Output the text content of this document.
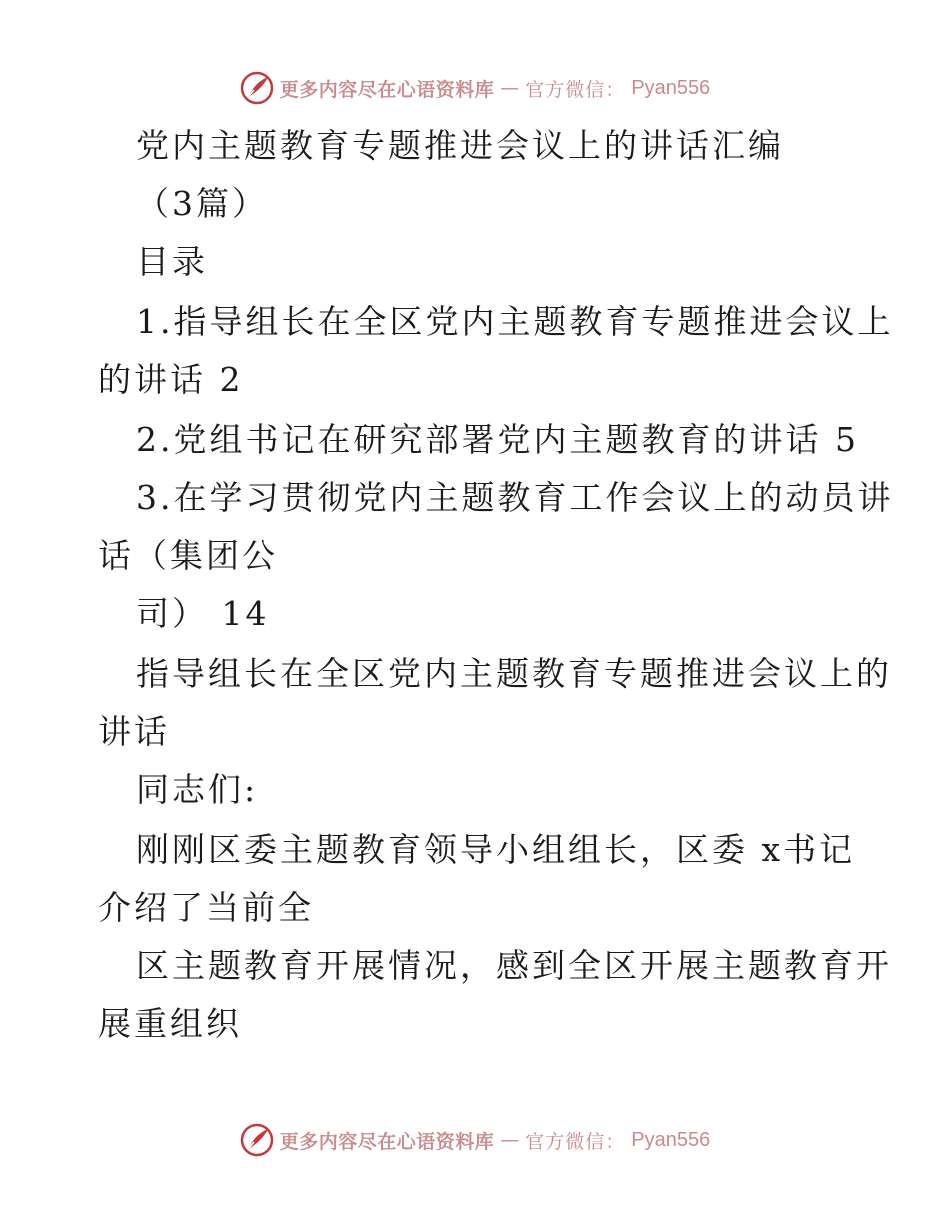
更多内容尽在心语资料库 — 官方微信： Pyan556
党内主题教育专题推进会议上的讲话汇编
（3篇）
目录
1.指导组长在全区党内主题教育专题推进会议上
的讲话 2
2.党组书记在研究部署党内主题教育的讲话 5
3.在学习贯彻党内主题教育工作会议上的动员讲
话（集团公
司） 14
指导组长在全区党内主题教育专题推进会议上的
讲话
同志们:
刚刚区委主题教育领导小组组长，区委 x书记
介绍了当前全
区主题教育开展情况，感到全区开展主题教育开
展重组织
更多内容尽在心语资料库 — 官方微信： Pyan556
